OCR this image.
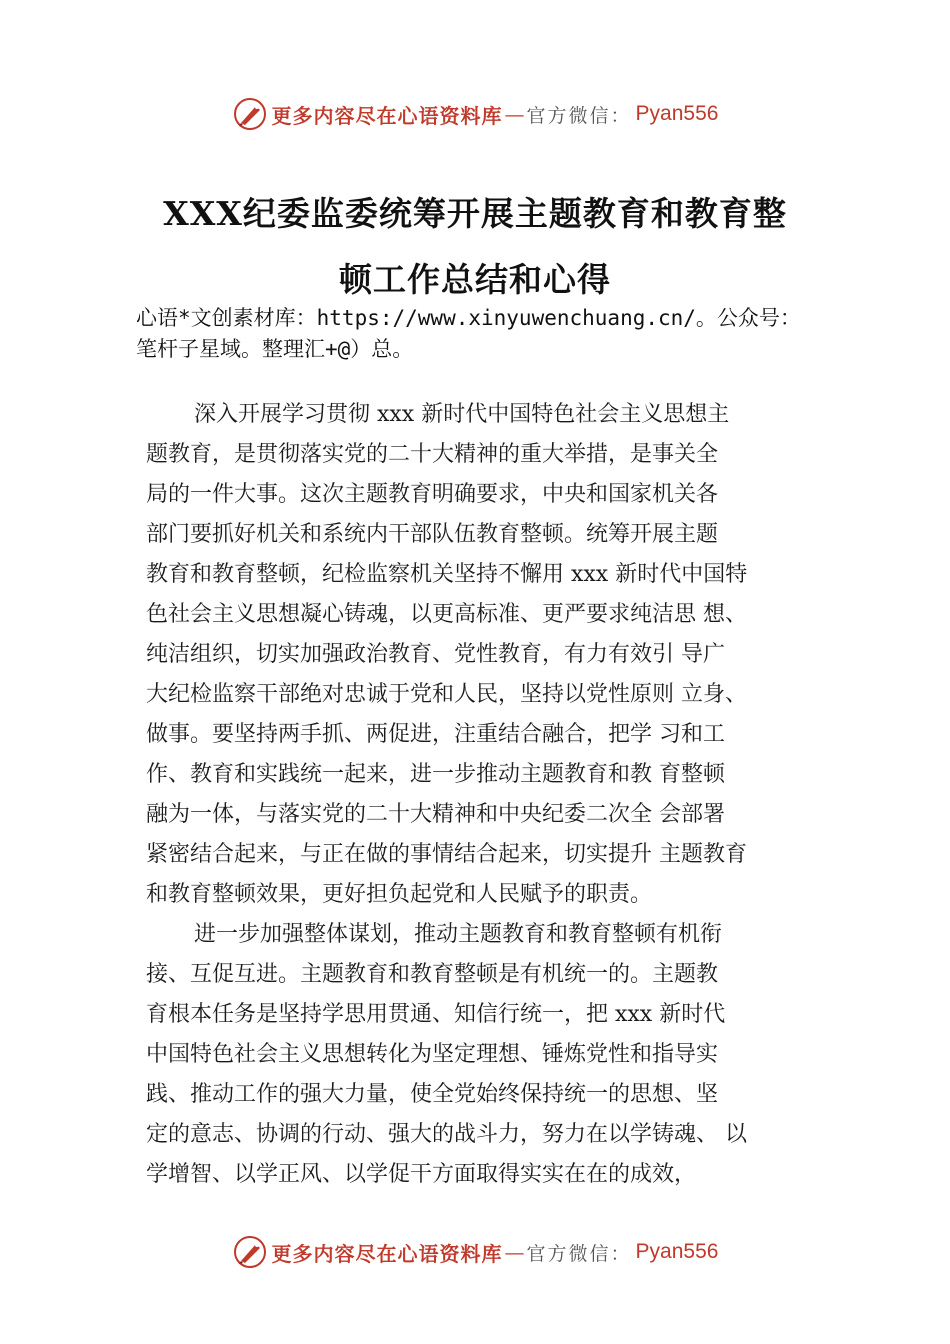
更多内容尽在心语资料库 — 官方微信： Pyan556
XXX纪委监委统筹开展主题教育和教育整
顿工作总结和心得

心语*文创素材库：https://www.xinyuwenchuang.cn/。公众号：

笔杆子星域。整理汇+@）总。

深入开展学习贯彻 xxx 新时代中国特色社会主义思想主
题教育，是贯彻落实党的二十大精神的重大举措，是事关全
局的一件大事。这次主题教育明确要求，中央和国家机关各
部门要抓好机关和系统内干部队伍教育整顿。统筹开展主题
教育和教育整顿，纪检监察机关坚持不懈用 xxx 新时代中国特
色社会主义思想凝心铸魂，以更高标准、更严要求纯洁思 想、
纯洁组织，切实加强政治教育、党性教育，有力有效引 导广
大纪检监察干部绝对忠诚于党和人民，坚持以党性原则 立身、
做事。要坚持两手抓、两促进，注重结合融合，把学 习和工
作、教育和实践统一起来，进一步推动主题教育和教 育整顿
融为一体，与落实党的二十大精神和中央纪委二次全 会部署
紧密结合起来，与正在做的事情结合起来，切实提升 主题教育
和教育整顿效果，更好担负起党和人民赋予的职责。
进一步加强整体谋划，推动主题教育和教育整顿有机衔
接、互促互进。主题教育和教育整顿是有机统一的。主题教
育根本任务是坚持学思用贯通、知信行统一，把 xxx 新时代
中国特色社会主义思想转化为坚定理想、锤炼党性和指导实
践、推动工作的强大力量，使全党始终保持统一的思想、坚
定的意志、协调的行动、强大的战斗力，努力在以学铸魂、 以
学增智、以学正风、以学促干方面取得实实在在的成效，
更多内容尽在心语资料库 — 官方微信： Pyan556
